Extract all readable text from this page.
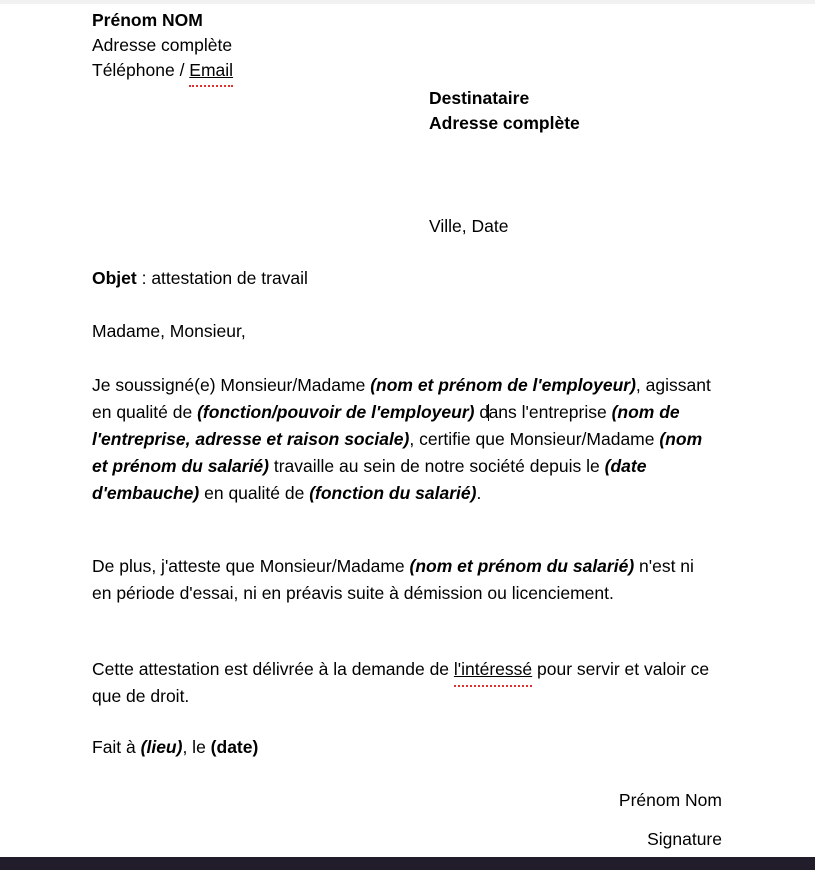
Prénom NOM
Adresse complète
Téléphone / Email
Destinataire
Adresse complète
Ville, Date
Objet : attestation de travail
Madame, Monsieur,
Je soussigné(e) Monsieur/Madame (nom et prénom de l'employeur), agissant en qualité de (fonction/pouvoir de l'employeur) dans l'entreprise (nom de l'entreprise, adresse et raison sociale), certifie que Monsieur/Madame (nom et prénom du salarié) travaille au sein de notre société depuis le (date d'embauche) en qualité de (fonction du salarié).
De plus, j'atteste que Monsieur/Madame (nom et prénom du salarié) n'est ni en période d'essai, ni en préavis suite à démission ou licenciement.
Cette attestation est délivrée à la demande de l'intéressé pour servir et valoir ce que de droit.
Fait à (lieu), le (date)
Prénom Nom
Signature
